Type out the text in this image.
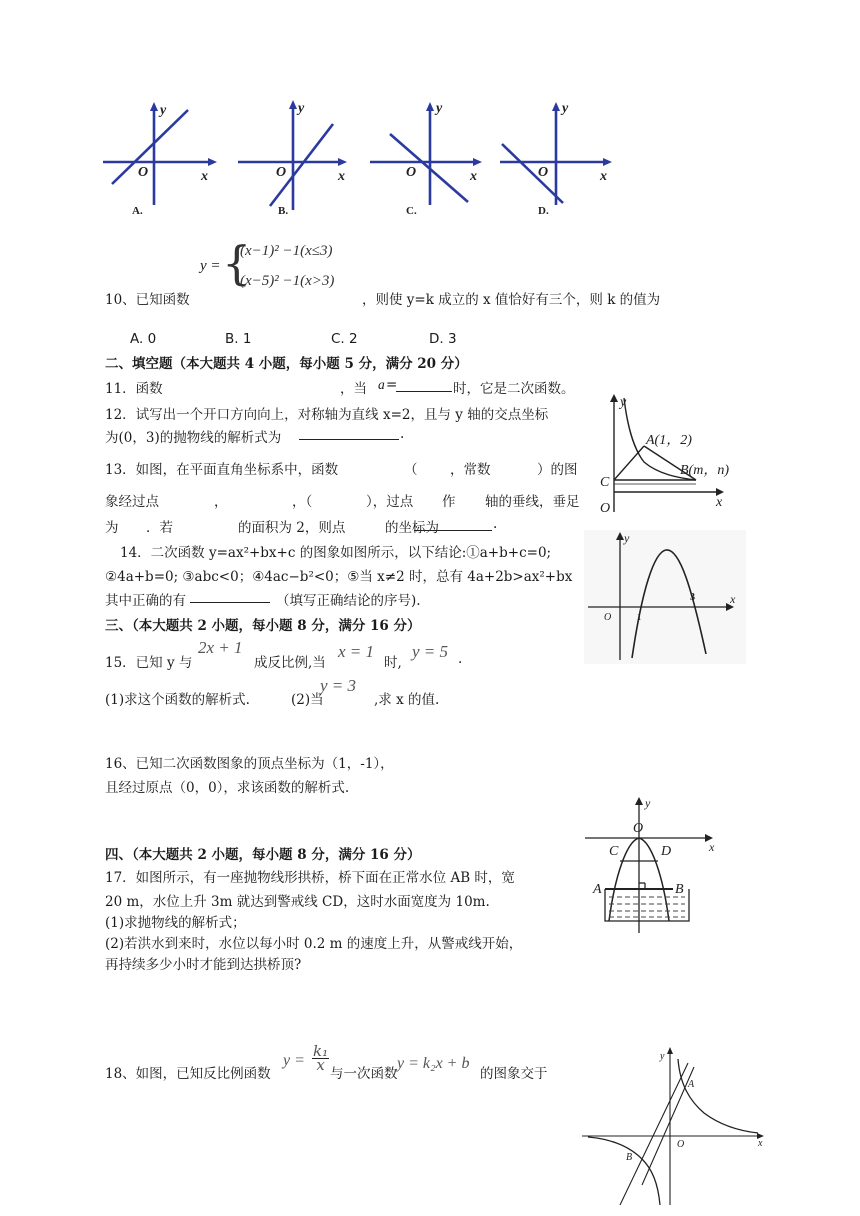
y
O	x
y
O	x
y
O	x
y
O	x
A.	B.	C.	D.
y = {
(x−1)² −1(x≤3)
(x−5)² −1(x>3)
10、已知函数	，则使 y=k 成立的 x 值恰好有三个，则 k 的值为
A. 0	B. 1	C. 2	D. 3
二、填空题（本大题共 4 小题，每小题 5 分，满分 20 分）
11．函数	，当 a =	时，它是二次函数。
12．试写出一个开口方向向上，对称轴为直线 x=2，且与 y 轴的交点坐标
为(0，3)的抛物线的解析式为	.
13．如图，在平面直角坐标系中，函数	（ ，常数	）的图
象经过点	，	，（	），过点 作 轴的垂线，垂足
为 ．若	的面积为 2，则点	的坐标为	.
y
x
A(1，2)
B(m，n)
C
O
14．二次函数 y=ax²+bx+c 的图象如图所示，以下结论:①a+b+c=0;
②4a+b=0; ③abc<0；④4ac−b²<0；⑤当 x≠2 时，总有 4a+2b>ax²+bx
其中正确的有	（填写正确结论的序号).
y
x
O	1
3
三、（本大题共 2 小题，每小题 8 分，满分 16 分）
15．已知 y 与
2x + 1
成反比例,当
x = 1
时,
y = 5 .
(1)求这个函数的解析式.	(2)当
y = 3
,求 x 的值.
16、已知二次函数图象的顶点坐标为（1，-1），
且经过原点（0，0），求该函数的解析式.
四、（本大题共 2 小题，每小题 8 分，满分 16 分）
17．如图所示，有一座抛物线形拱桥，桥下面在正常水位 AB 时，宽
20 m，水位上升 3m 就达到警戒线 CD，这时水面宽度为 10m.
(1)求抛物线的解析式；
(2)若洪水到来时，水位以每小时 0.2 m 的速度上升，从警戒线开始，
再持续多少小时才能到达拱桥顶?
y
x
O
C	D
A	B
18、如图，已知反比例函数
$y = \frac{\text{k₁}}{x}$
与一次函数
y = k₂x + b
的图象交于
y
x
O
A
B
